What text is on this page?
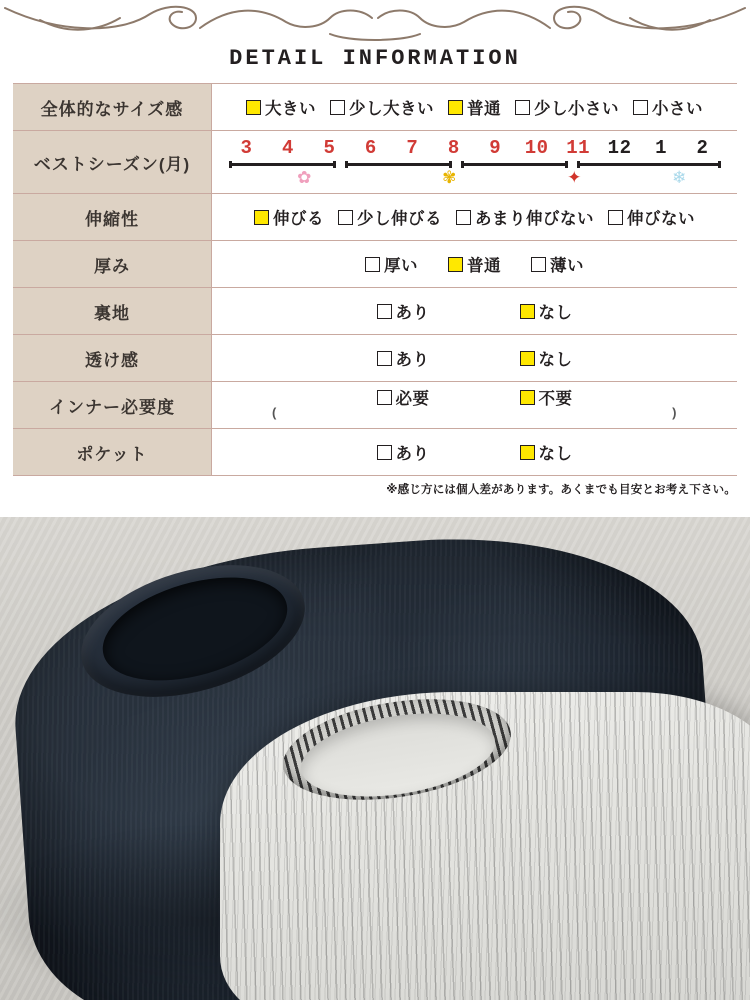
DETAIL INFORMATION
全体的なサイズ感	大きい 少し大きい 普通 少し小さい 小さい

ベストシーズン(月)	
3	4	5	6	7	8	9	10 11 12	1	2
✿	✾	✦	❄

伸縮性	伸びる 少し伸びる あまり伸びない 伸びない

厚み	厚い 普通 薄い

裏地	あり なし

透け感	あり なし

インナー必要度	必要 不要
( )

ポケット	あり なし
※感じ方には個人差があります。あくまでも目安とお考え下さい。
